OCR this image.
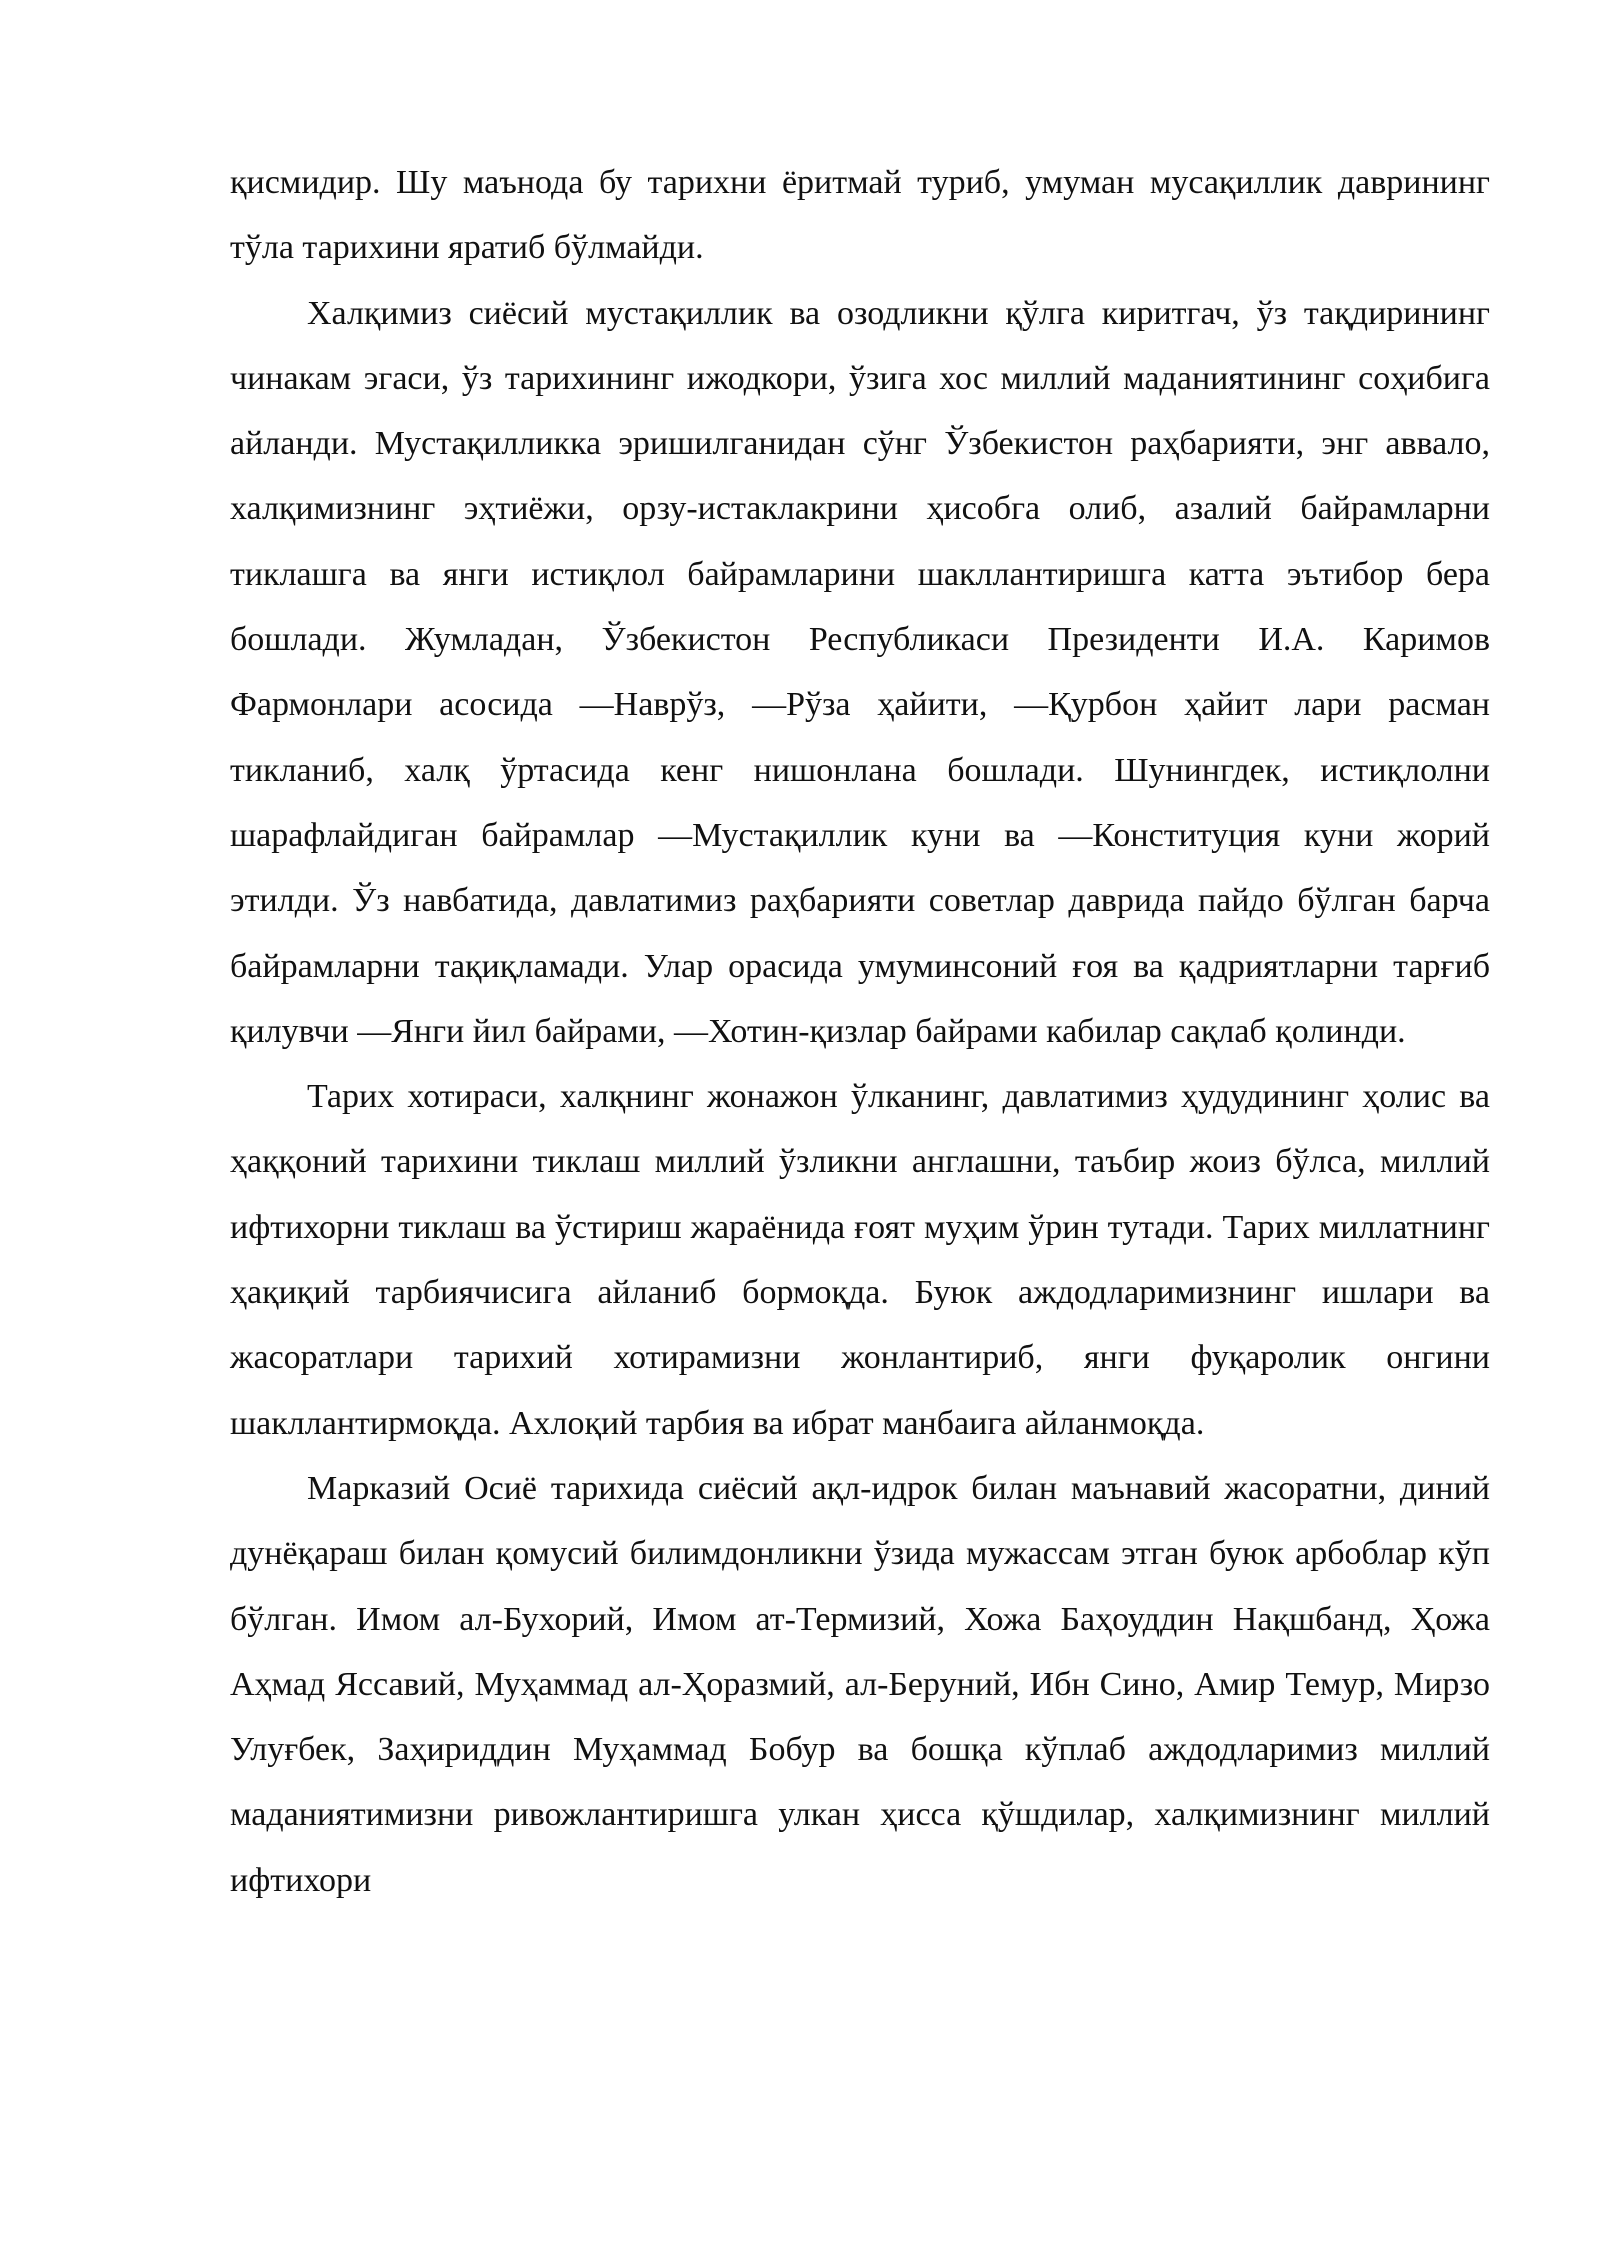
қисмидир. Шу маънода бу тарихни ёритмай туриб, умуман мусақиллик даврининг тўла тарихини яратиб бўлмайди.

Халқимиз сиёсий мустақиллик ва озодликни қўлга киритгач, ўз тақдирининг чинакам эгаси, ўз тарихининг ижодкори, ўзига хос миллий маданиятининг соҳибига айланди. Мустақилликка эришилганидан сўнг Ўзбекистон раҳбарияти, энг аввало, халқимизнинг эҳтиёжи, орзу-истаклакрини ҳисобга олиб, азалий байрамларни тиклашга ва янги истиқлол байрамларини шакллантиришга катта эътибор бера бошлади. Жумладан, Ўзбекистон Республикаси Президенти И.А. Каримов Фармонлари асосида ―Наврўз, ―Рўза ҳайити, ―Қурбон ҳайит лари расман тикланиб, халқ ўртасида кенг нишонлана бошлади. Шунингдек, истиқлолни шарафлайдиган байрамлар ―Мустақиллик куни ва ―Конституция куни жорий этилди. Ўз навбатида, давлатимиз раҳбарияти советлар даврида пайдо бўлган барча байрамларни тақиқламади. Улар орасида умуминсоний ғоя ва қадриятларни тарғиб қилувчи ―Янги йил байрами, ―Хотин-қизлар байрами кабилар сақлаб қолинди.

Тарих хотираси, халқнинг жонажон ўлканинг, давлатимиз ҳудудининг ҳолис ва ҳаққоний тарихини тиклаш миллий ўзликни англашни, таъбир жоиз бўлса, миллий ифтихорни тиклаш ва ўстириш жараёнида ғоят муҳим ўрин тутади. Тарих миллатнинг ҳақиқий тарбиячисига айланиб бормоқда. Буюк аждодларимизнинг ишлари ва жасоратлари тарихий хотирамизни жонлантириб, янги фуқаролик онгини шакллантирмоқда. Ахлоқий тарбия ва ибрат манбаига айланмоқда.

Марказий Осиё тарихида сиёсий ақл-идрок билан маънавий жасоратни, диний дунёқараш билан қомусий билимдонликни ўзида мужассам этган буюк арбоблар кўп бўлган. Имом ал-Бухорий, Имом ат-Термизий, Хожа Баҳоуддин Нақшбанд, Ҳожа Аҳмад Яссавий, Муҳаммад ал-Ҳоразмий, ал-Беруний, Ибн Сино, Амир Темур, Мирзо Улуғбек, Заҳириддин Муҳаммад Бобур ва бошқа кўплаб аждодларимиз миллий маданиятимизни ривожлантиришга улкан ҳисса қўшдилар, халқимизнинг миллий ифтихори
